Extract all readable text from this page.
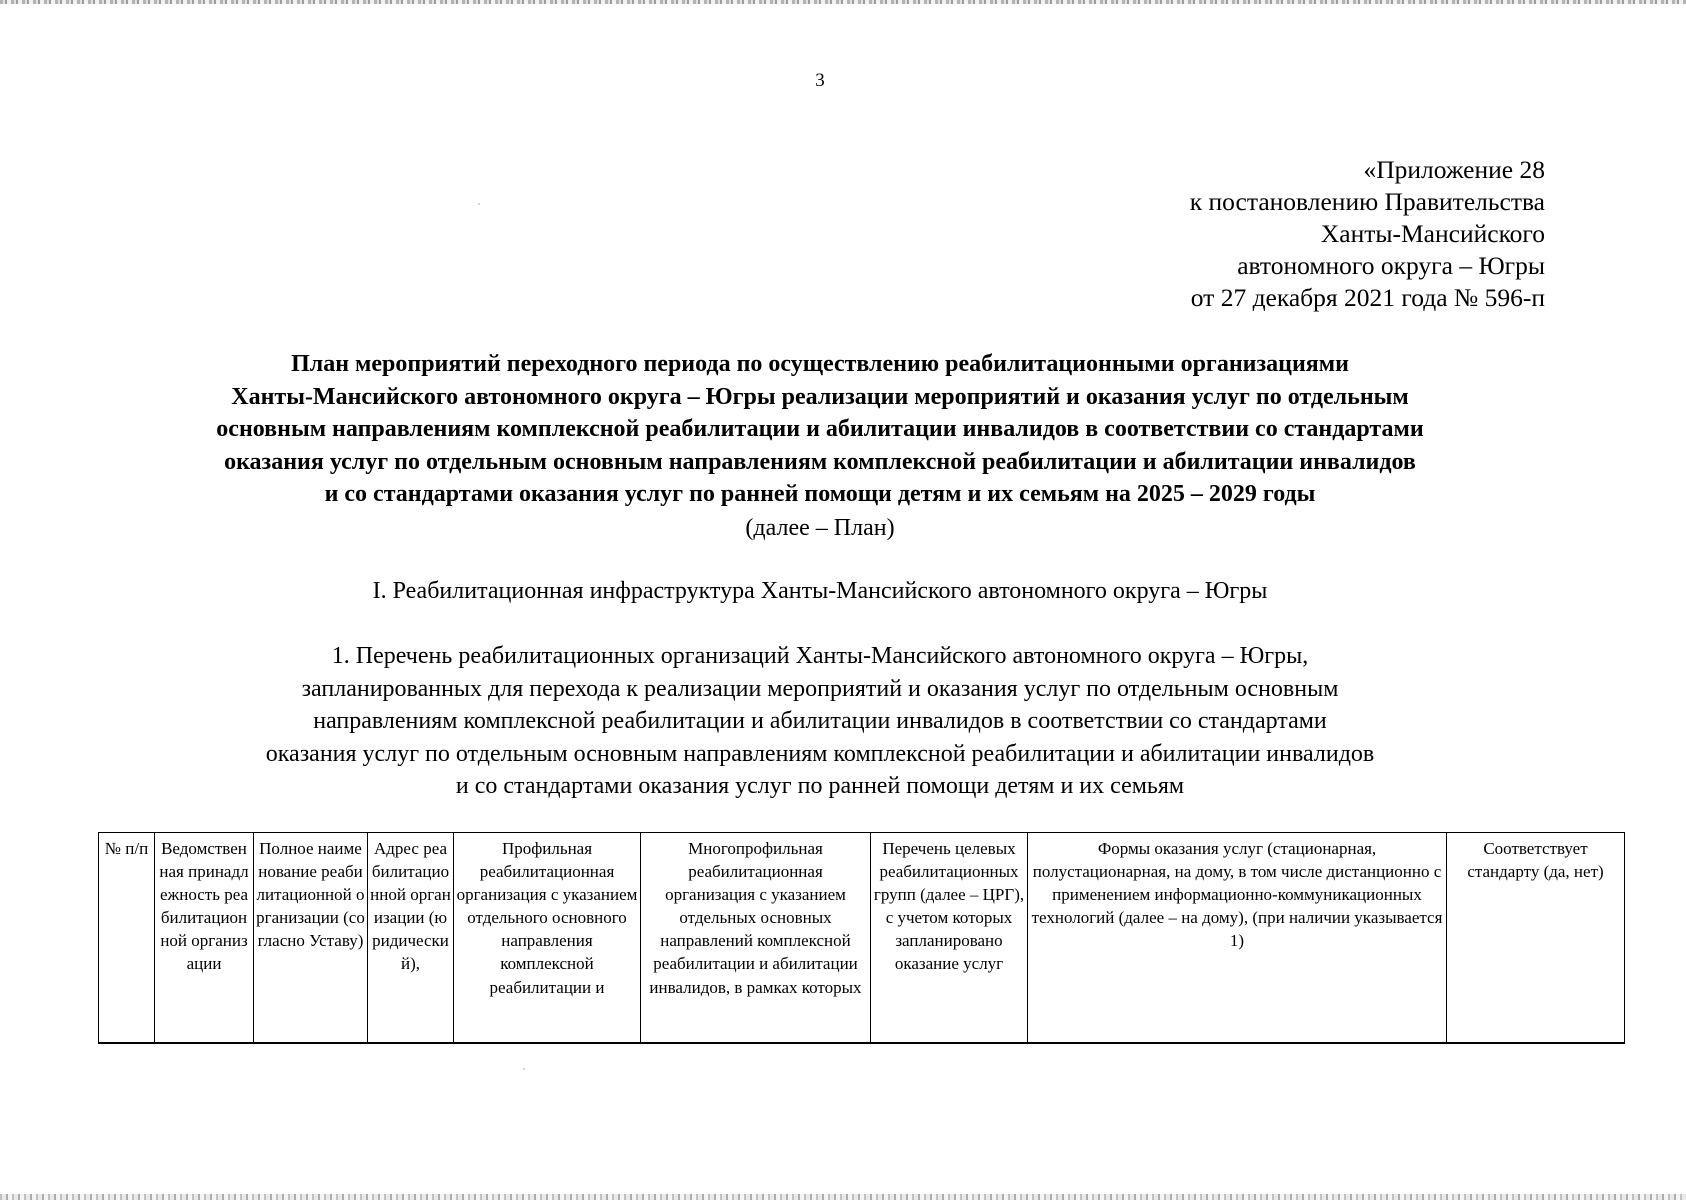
3
«Приложение 28
к постановлению Правительства
Ханты-Мансийского
автономного округа – Югры
от 27 декабря 2021 года № 596-п
План мероприятий переходного периода по осуществлению реабилитационными организациями
Ханты-Мансийского автономного округа – Югры реализации мероприятий и оказания услуг по отдельным
основным направлениям комплексной реабилитации и абилитации инвалидов в соответствии со стандартами
оказания услуг по отдельным основным направлениям комплексной реабилитации и абилитации инвалидов
и со стандартами оказания услуг по ранней помощи детям и их семьям на 2025 – 2029 годы
(далее – План)
I. Реабилитационная инфраструктура Ханты-Мансийского автономного округа – Югры
1. Перечень реабилитационных организаций Ханты-Мансийского автономного округа – Югры,
запланированных для перехода к реализации мероприятий и оказания услуг по отдельным основным
направлениям комплексной реабилитации и абилитации инвалидов в соответствии со стандартами
оказания услуг по отдельным основным направлениям комплексной реабилитации и абилитации инвалидов
и со стандартами оказания услуг по ранней помощи детям и их семьям
№ п/п	Ведомственная принадлежность реабилитационной организации	Полное наименование реабилитационной организации (согласно Уставу)	Адрес реабилитационной организации (юридический),	Профильная реабилитационная организация с указанием отдельного основного направления комплексной реабилитации и	Многопрофильная реабилитационная организация с указанием отдельных основных направлений комплексной реабилитации и абилитации инвалидов, в рамках которых	Перечень целевых реабилитационных групп (далее – ЦРГ), с учетом которых запланировано оказание услуг	Формы оказания услуг (стационарная, полустационарная, на дому, в том числе дистанционно с применением информационно-коммуникационных технологий (далее – на дому), (при наличии указывается 1)	Соответствует стандарту (да, нет)
